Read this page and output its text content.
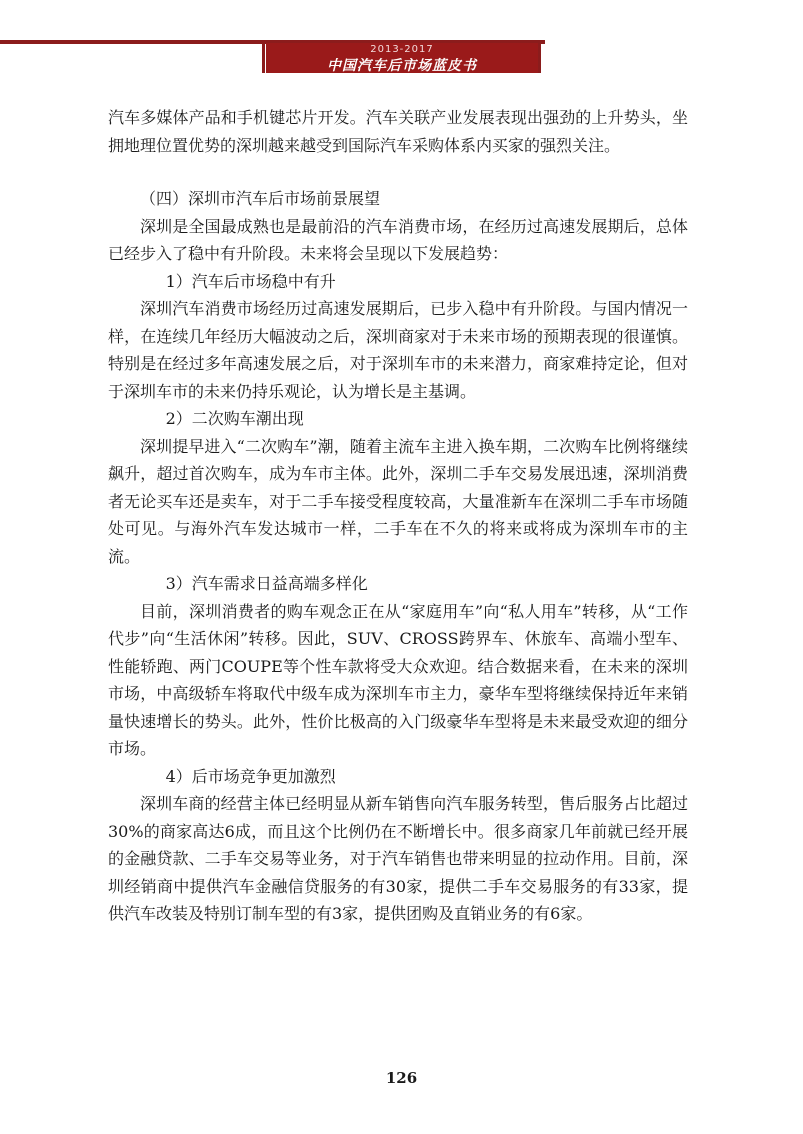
2013-2017
中国汽车后市场蓝皮书

汽车多媒体产品和手机键芯片开发。汽车关联产业发展表现出强劲的上升势头，坐拥地理位置优势的深圳越来越受到国际汽车采购体系内买家的强烈关注。

（四）深圳市汽车后市场前景展望

深圳是全国最成熟也是最前沿的汽车消费市场，在经历过高速发展期后，总体已经步入了稳中有升阶段。未来将会呈现以下发展趋势：

1）汽车后市场稳中有升

深圳汽车消费市场经历过高速发展期后，已步入稳中有升阶段。与国内情况一样，在连续几年经历大幅波动之后，深圳商家对于未来市场的预期表现的很谨慎。特别是在经过多年高速发展之后，对于深圳车市的未来潜力，商家难持定论，但对于深圳车市的未来仍持乐观论，认为增长是主基调。

2）二次购车潮出现

深圳提早进入“二次购车”潮，随着主流车主进入换车期，二次购车比例将继续飙升，超过首次购车，成为车市主体。此外，深圳二手车交易发展迅速，深圳消费者无论买车还是卖车，对于二手车接受程度较高，大量准新车在深圳二手车市场随处可见。与海外汽车发达城市一样，二手车在不久的将来或将成为深圳车市的主流。

3）汽车需求日益高端多样化

目前，深圳消费者的购车观念正在从“家庭用车”向“私人用车”转移，从“工作代步”向“生活休闲”转移。因此，SUV、CROSS跨界车、休旅车、高端小型车、性能轿跑、两门COUPE等个性车款将受大众欢迎。结合数据来看，在未来的深圳市场，中高级轿车将取代中级车成为深圳车市主力，豪华车型将继续保持近年来销量快速增长的势头。此外，性价比极高的入门级豪华车型将是未来最受欢迎的细分市场。

4）后市场竞争更加激烈

深圳车商的经营主体已经明显从新车销售向汽车服务转型，售后服务占比超过30%的商家高达6成，而且这个比例仍在不断增长中。很多商家几年前就已经开展的金融贷款、二手车交易等业务，对于汽车销售也带来明显的拉动作用。目前，深圳经销商中提供汽车金融信贷服务的有30家，提供二手车交易服务的有33家，提供汽车改装及特别订制车型的有3家，提供团购及直销业务的有6家。

126
